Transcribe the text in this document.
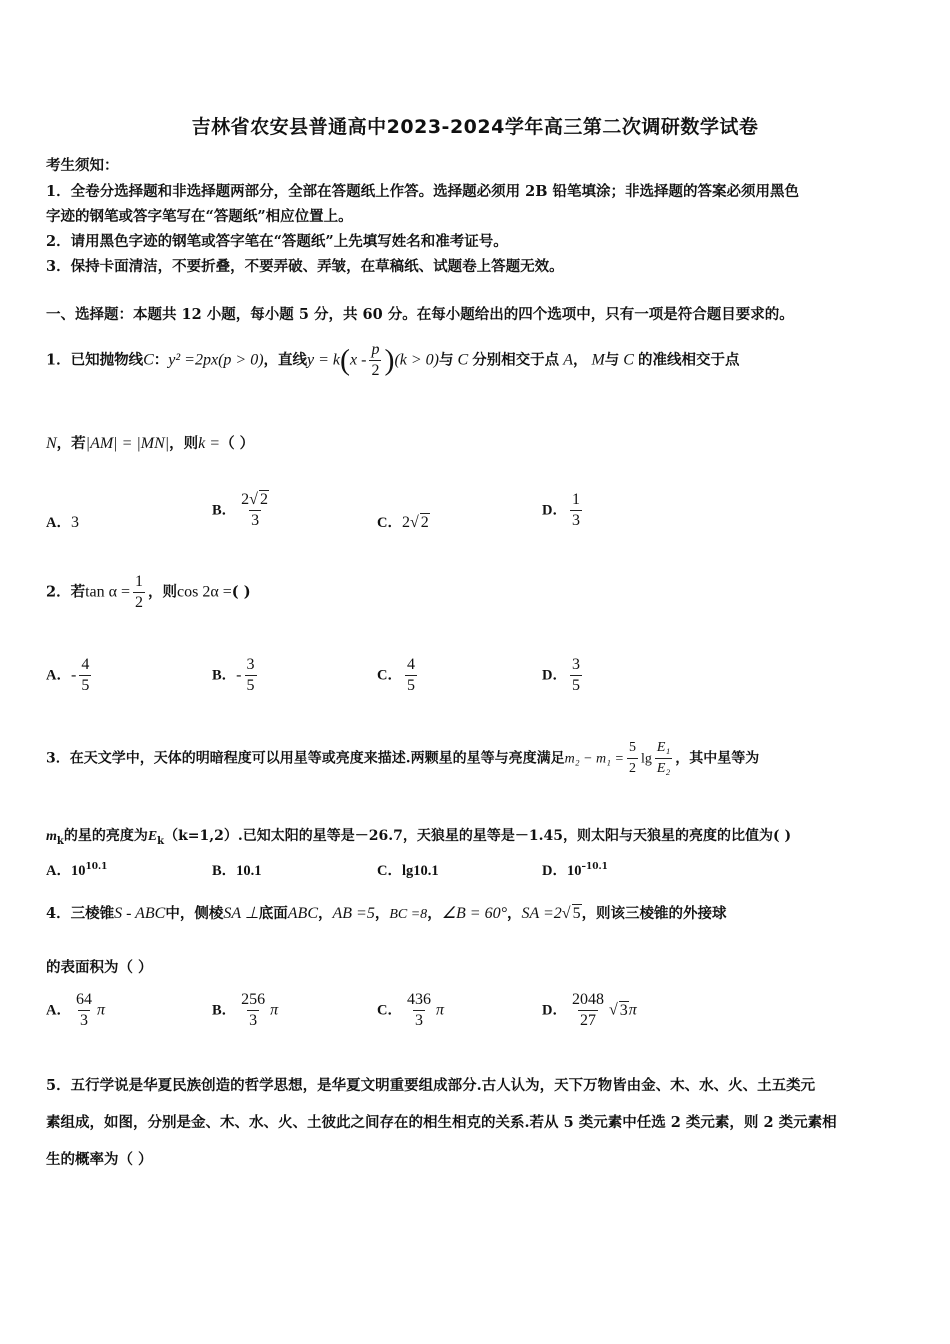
吉林省农安县普通高中2023-2024学年高三第二次调研数学试卷
考生须知：
1．全卷分选择题和非选择题两部分，全部在答题纸上作答。选择题必须用 2B 铅笔填涂；非选择题的答案必须用黑色
字迹的钢笔或答字笔写在“答题纸”相应位置上。
2．请用黑色字迹的钢笔或答字笔在“答题纸”上先填写姓名和准考证号。
3．保持卡面清洁，不要折叠，不要弄破、弄皱，在草稿纸、试题卷上答题无效。
一、选择题：本题共 12 小题，每小题 5 分，共 60 分。在每小题给出的四个选项中，只有一项是符合题目要求的。
1．已知抛物线C：y² =2px(p > 0)，直线$y = k(x - \frac{p}{2} )(k > 0)$与 C 分别相交于点 A， M与 C 的准线相交于点
N，若|AM| = |MN|，则k =（ ）
A．3
B． $\frac{2√ 2}{3}$	C．2√ 2
D． $\frac{1}{3}$
2．若$\tan \alpha = \frac{1}{2}$ ，则cos 2α =( )
A．- $\frac{4}{5}$	B．- $\frac{3}{5}$	C． $\frac{4}{5}$	D． $\frac{3}{5}$
3．在天文学中，天体的明暗程度可以用星等或亮度来描述.两颗星的星等与亮度满足$m_2 - m_1 = \frac{5}{2}$ $\lg \frac{\text{E₁}}{\text{E₂}}$ ，其中星等为
$m_k$的星的亮度为$E_k(k=1,2)$.已知太阳的星等是－26.7，天狼星的星等是－1.45，则太阳与天狼星的亮度的比值为( )
A．$10^{10.1}$	B．10.1	C．lg10.1	D．$10^{-10.1}$
4．三棱锥S - ABC中，侧棱SA ⊥底面ABC，AB =5，BC =8，∠B = 60°，SA =2√ 5，则该三棱锥的外接球
的表面积为（ ）
A． $\frac{64}{3}$ π	B． $\frac{256}{3}$ π	C． $\frac{436}{3}$ π	D． $\frac{2048}{27}$ √ 3π
5．五行学说是华夏民族创造的哲学思想，是华夏文明重要组成部分.古人认为，天下万物皆由金、木、水、火、土五类元
素组成，如图，分别是金、木、水、火、土彼此之间存在的相生相克的关系.若从 5 类元素中任选 2 类元素，则 2 类元素相
生的概率为（ ）
